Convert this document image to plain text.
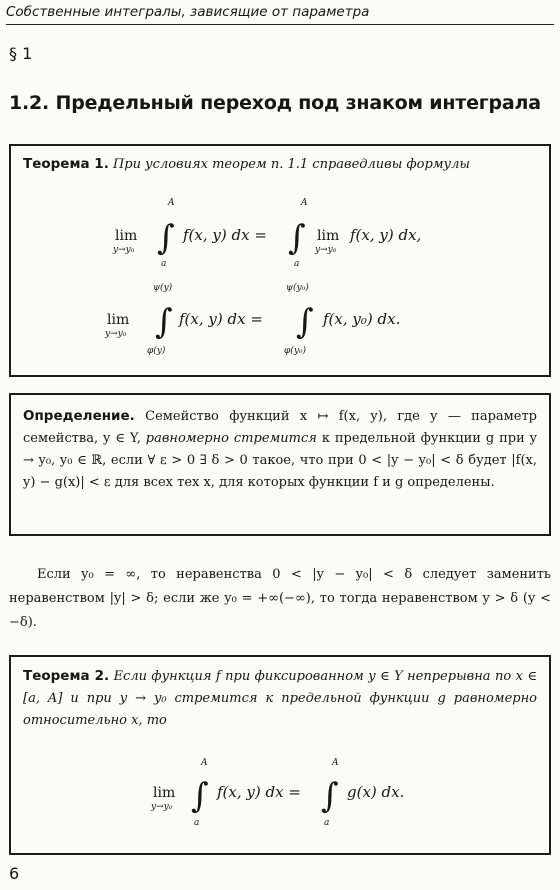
Собственные интегралы, зависящие от параметра
§ 1
1.2. Предельный переход под знаком интеграла

Теорема 1. При условиях теорем п. 1.1 справедливы формулы

lim
y→y₀
A
∫
a
f(x, y) dx =
A
∫
a
lim
y→y₀
f(x, y) dx,
lim
y→y₀
ψ(y)
∫
φ(y)
f(x, y) dx =
ψ(y₀)
∫
φ(y₀)
f(x, y₀) dx.

Определение. Семейство функций x ↦ f(x, y), где y — параметр семейства, y ∈ Y, равномерно стремится к предельной функции g при y → y₀, y₀ ∈ ℝ, если ∀ ε > 0 ∃ δ > 0 такое, что при 0 < |y − y₀| < δ будет |f(x, y) − g(x)| < ε для всех тех x, для которых функции f и g определены.

Если y₀ = ∞, то неравенства 0 < |y − y₀| < δ следует заменить неравенством |y| > δ; если же y₀ = +∞(−∞), то тогда неравенством y > δ (y < −δ).

Теорема 2. Если функция f при фиксированном y ∈ Y непрерывна по x ∈ [a, A] и при y → y₀ стремится к предельной функции g равномерно относительно x, то

lim
y→y₀
A
∫
a
f(x, y) dx =
A
∫
a
g(x) dx.
6
